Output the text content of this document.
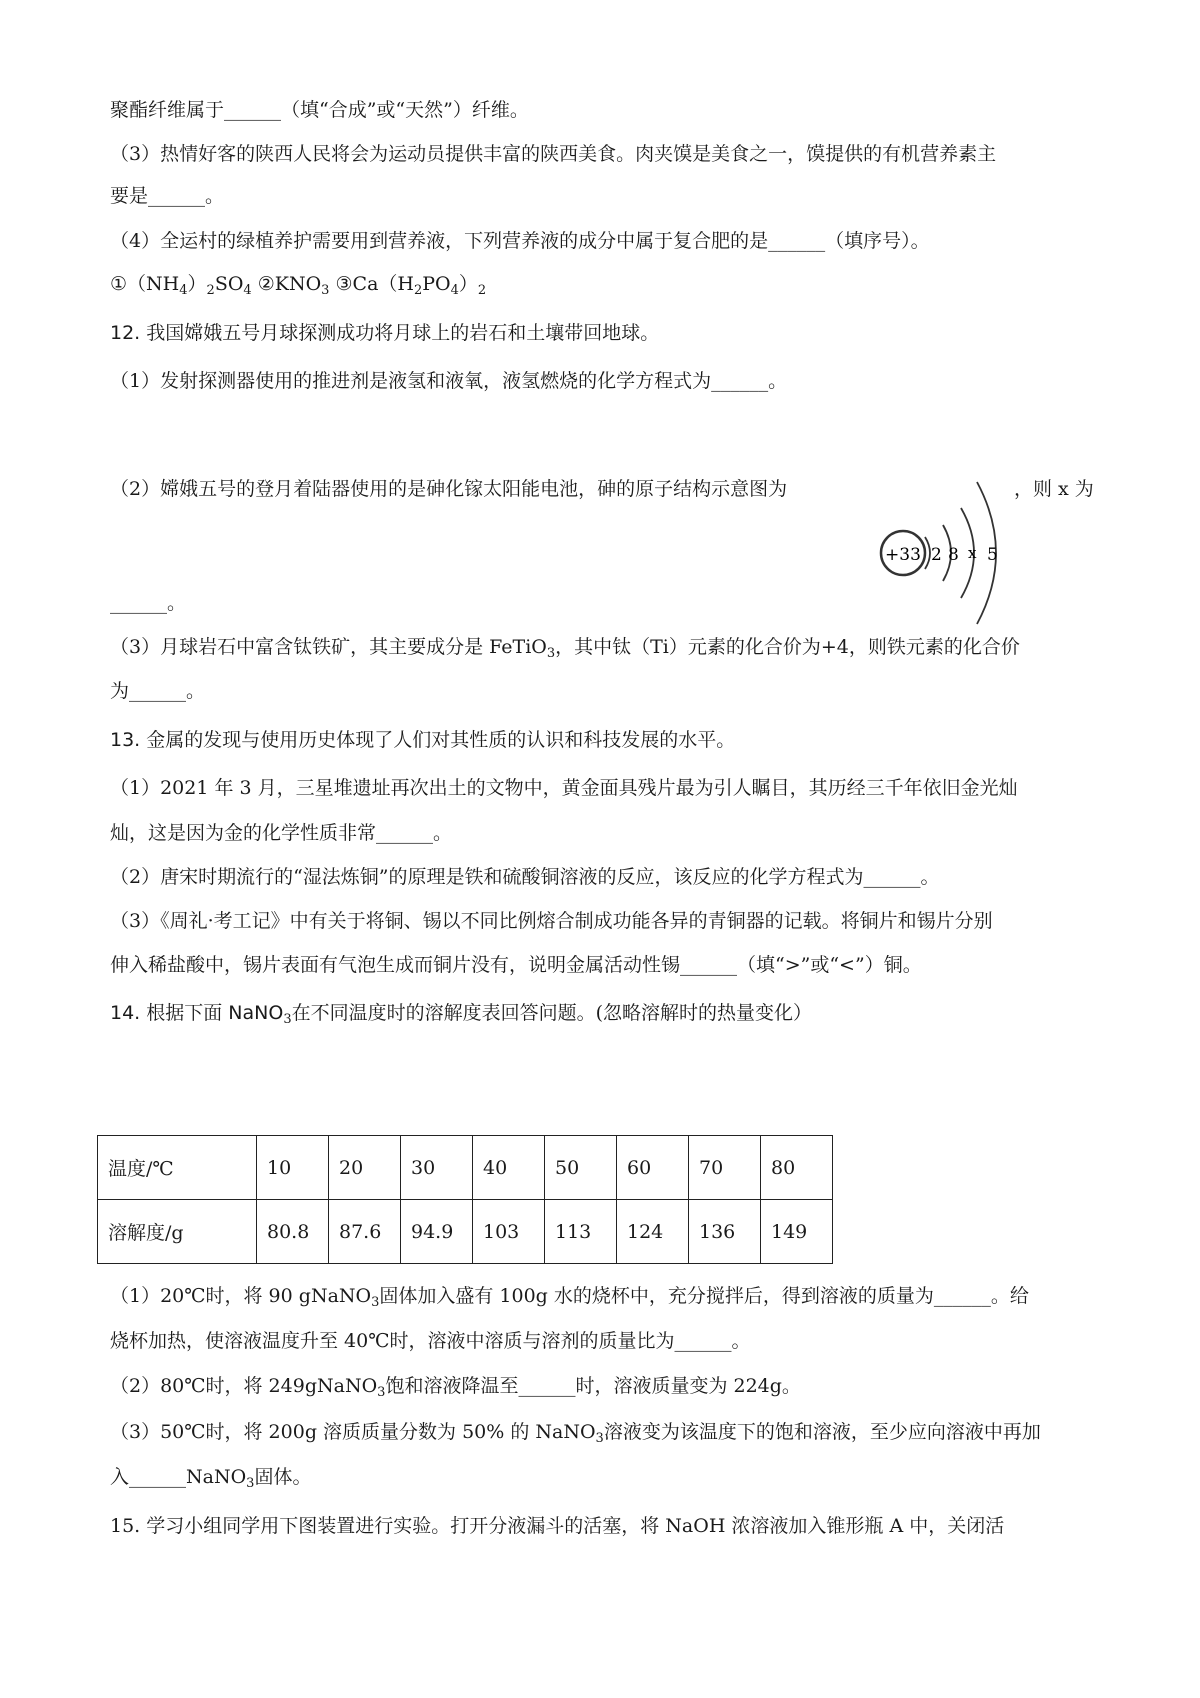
聚酯纤维属于______（填“合成”或“天然”）纤维。
（3）热情好客的陕西人民将会为运动员提供丰富的陕西美食。肉夹馍是美食之一，馍提供的有机营养素主
要是______。
（4）全运村的绿植养护需要用到营养液，下列营养液的成分中属于复合肥的是______（填序号）。
$①(NH_4)_2SO_4$ $②KNO_3$ $③Ca(H_2PO_4)_2$
12. 我国嫦娥五号月球探测成功将月球上的岩石和土壤带回地球。
（1）发射探测器使用的推进剂是液氢和液氧，液氢燃烧的化学方程式为______。
（2）嫦娥五号的登月着陆器使用的是砷化镓太阳能电池，砷的原子结构示意图为	，则 x 为
+33 2 8 x 5
______。
（3）月球岩石中富含钛铁矿，其主要成分是 FeTiO$_3$，其中钛（Ti）元素的化合价为+4，则铁元素的化合价
为______。
13. 金属的发现与使用历史体现了人们对其性质的认识和科技发展的水平。
（1）2021 年 3 月，三星堆遗址再次出土的文物中，黄金面具残片最为引人瞩目，其历经三千年依旧金光灿
灿，这是因为金的化学性质非常______。
（2）唐宋时期流行的“湿法炼铜”的原理是铁和硫酸铜溶液的反应，该反应的化学方程式为______。
（3）《周礼·考工记》中有关于将铜、锡以不同比例熔合制成功能各异的青铜器的记载。将铜片和锡片分别
伸入稀盐酸中，锡片表面有气泡生成而铜片没有，说明金属活动性锡______（填“>”或“<”）铜。
14. 根据下面 NaNO$_3$在不同温度时的溶解度表回答问题。(忽略溶解时的热量变化）
温度/℃	10	20	30	40	50	60	70	80
溶解度/g	80.8	87.6	94.9	103	113	124	136	149
（1）20℃时，将 90 gNaNO$_3$固体加入盛有 100g 水的烧杯中，充分搅拌后，得到溶液的质量为______。给
烧杯加热，使溶液温度升至 40℃时，溶液中溶质与溶剂的质量比为______。
（2）80℃时，将 249gNaNO$_3$饱和溶液降温至______时，溶液质量变为 224g。
（3）50℃时，将 200g 溶质质量分数为 50% 的 NaNO$_3$溶液变为该温度下的饱和溶液，至少应向溶液中再加
入______NaNO$_3$固体。
15. 学习小组同学用下图装置进行实验。打开分液漏斗的活塞，将 NaOH 浓溶液加入锥形瓶 A 中，关闭活
